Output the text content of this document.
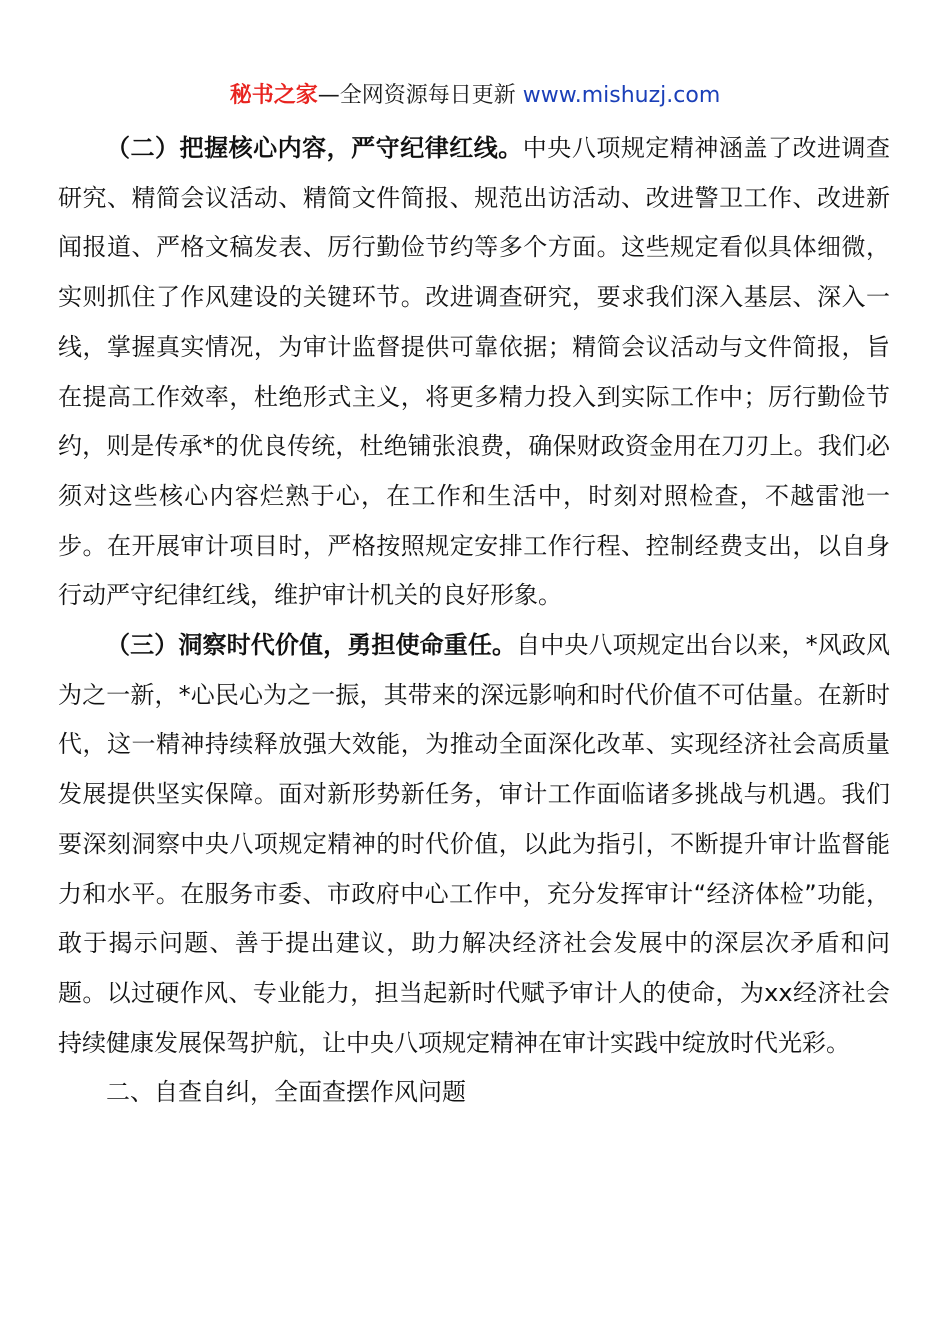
秘书之家—全网资源每日更新 www.mishuzj.com

（二）把握核心内容，严守纪律红线。中央八项规定精神涵盖了改进调查研究、精简会议活动、精简文件简报、规范出访活动、改进警卫工作、改进新闻报道、严格文稿发表、厉行勤俭节约等多个方面。这些规定看似具体细微，实则抓住了作风建设的关键环节。改进调查研究，要求我们深入基层、深入一线，掌握真实情况，为审计监督提供可靠依据；精简会议活动与文件简报，旨在提高工作效率，杜绝形式主义，将更多精力投入到实际工作中；厉行勤俭节约，则是传承*的优良传统，杜绝铺张浪费，确保财政资金用在刀刃上。我们必须对这些核心内容烂熟于心，在工作和生活中，时刻对照检查，不越雷池一步。在开展审计项目时，严格按照规定安排工作行程、控制经费支出，以自身行动严守纪律红线，维护审计机关的良好形象。

（三）洞察时代价值，勇担使命重任。自中央八项规定出台以来，*风政风为之一新，*心民心为之一振，其带来的深远影响和时代价值不可估量。在新时代，这一精神持续释放强大效能，为推动全面深化改革、实现经济社会高质量发展提供坚实保障。面对新形势新任务，审计工作面临诸多挑战与机遇。我们要深刻洞察中央八项规定精神的时代价值，以此为指引，不断提升审计监督能力和水平。在服务市委、市政府中心工作中，充分发挥审计“经济体检”功能，敢于揭示问题、善于提出建议，助力解决经济社会发展中的深层次矛盾和问题。以过硬作风、专业能力，担当起新时代赋予审计人的使命，为xx经济社会持续健康发展保驾护航，让中央八项规定精神在审计实践中绽放时代光彩。

二、自查自纠，全面查摆作风问题
